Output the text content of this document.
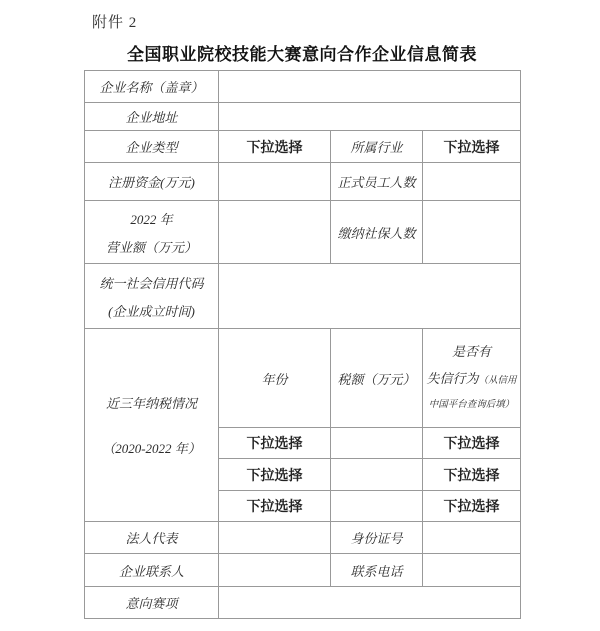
附件 2
全国职业院校技能大赛意向合作企业信息简表
企业名称（盖章）			
企业地址			
企业类型	下拉选择	所属行业	下拉选择
注册资金(万元)		正式员工人数	

2022 年
营业额（万元）		缴纳社保人数	

统一社会信用代码
(企业成立时间)			

近三年纳税情况
（2020-2022 年）	年份	税额（万元）	是否有
失信行为（从信用中国平台查询后填）
	下拉选择		下拉选择
	下拉选择		下拉选择
	下拉选择		下拉选择
法人代表		身份证号	
企业联系人		联系电话	
意向赛项			
